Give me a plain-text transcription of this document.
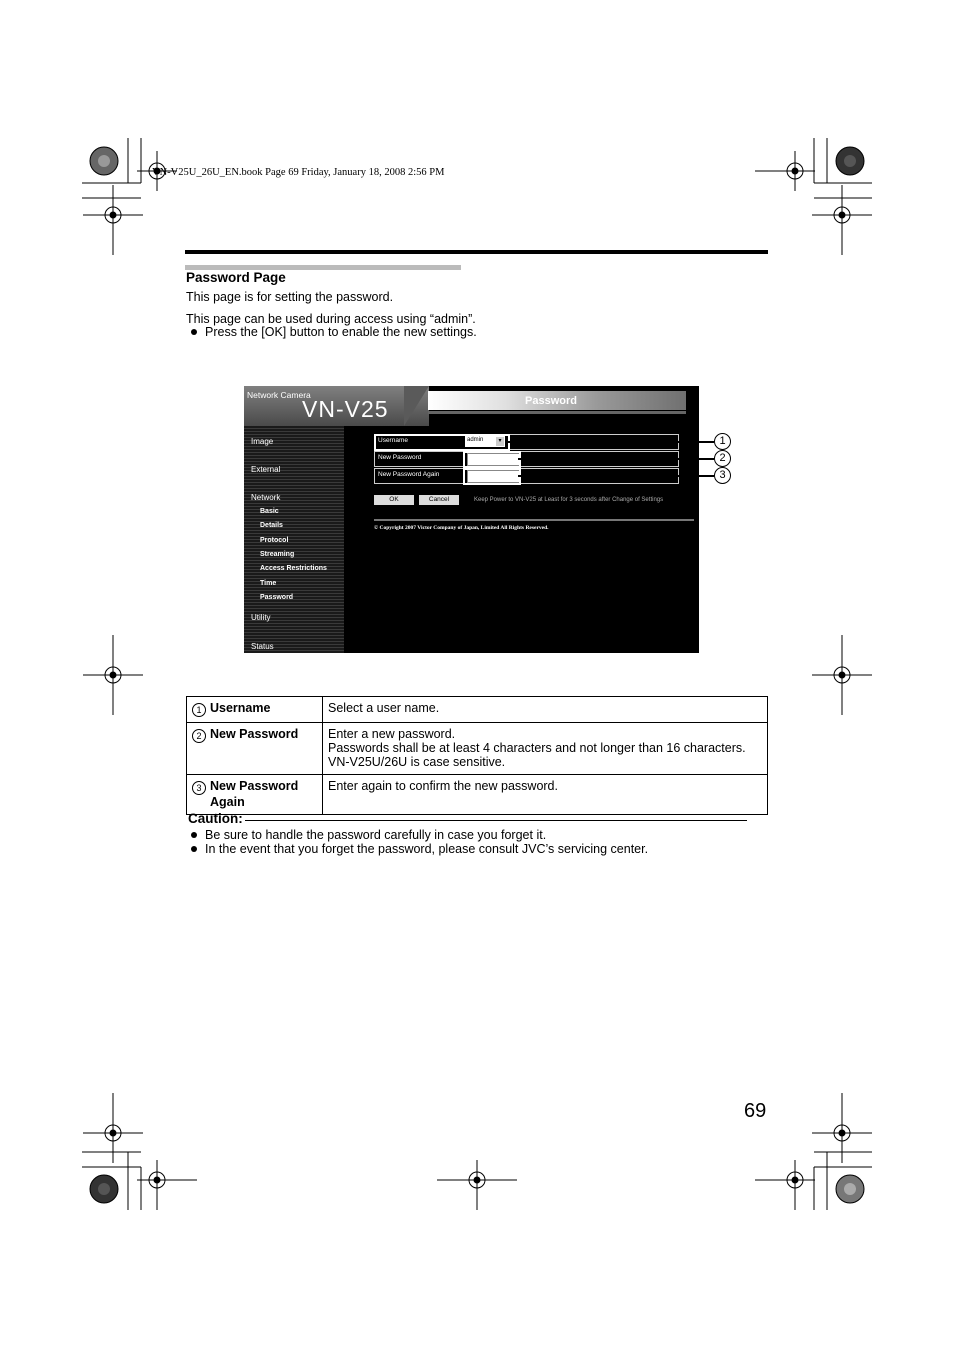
VN-V25U_26U_EN.book Page 69 Friday, January 18, 2008 2:56 PM
Password Page
This page is for setting the password.
This page can be used during access using “admin”.
Press the [OK] button to enable the new settings.
Network Camera
VN-V25	Password
Image
External
Network
Basic
Details
Protocol
Streaming
Access Restrictions
Time
Password
Utility
Status
Username	admin	▾
New Password
New Password Again
OK	Cancel	Keep Power to VN-V25 at Least for 3 seconds after Change of Settings
© Copyright 2007 Victor Company of Japan, Limited All Rights Reserved.
1
2
3
1 Username	Select a user name.

2 New Password	Enter a new password.
Passwords shall be at least 4 characters and not longer than 16 characters.
VN-V25U/26U is case sensitive.

3 New Password
Again	Enter again to confirm the new password.
Caution:
Be sure to handle the password carefully in case you forget it.
In the event that you forget the password, please consult JVC’s servicing center.
69
